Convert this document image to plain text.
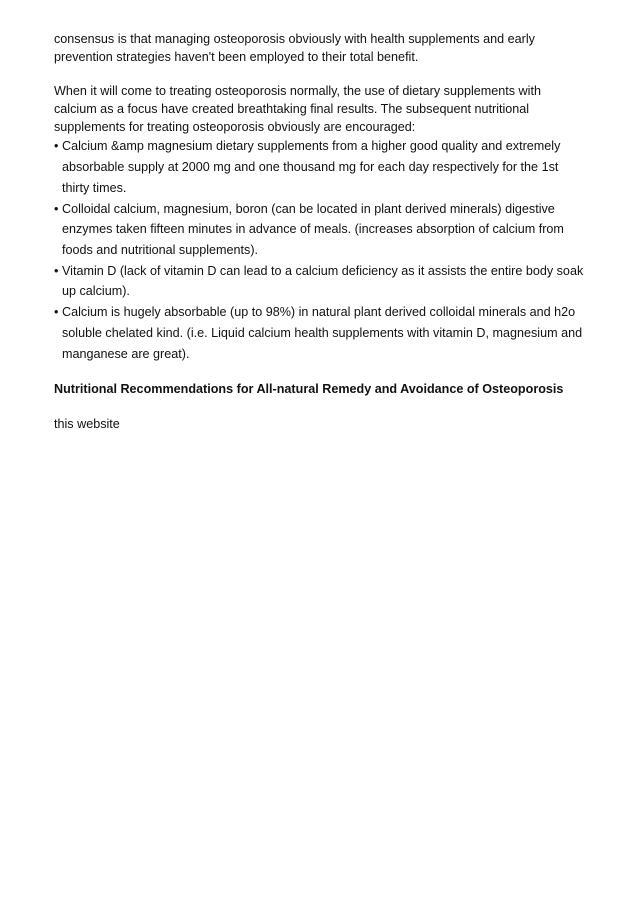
consensus is that managing osteoporosis obviously with health supplements and early prevention strategies haven't been employed to their total benefit.

When it will come to treating osteoporosis normally, the use of dietary supplements with calcium as a focus have created breathtaking final results. The subsequent nutritional supplements for treating osteoporosis obviously are encouraged:

• Calcium &amp magnesium dietary supplements from a higher good quality and extremely absorbable supply at 2000 mg and one thousand mg for each day respectively for the 1st thirty times.
• Colloidal calcium, magnesium, boron (can be located in plant derived minerals) digestive enzymes taken fifteen minutes in advance of meals. (increases absorption of calcium from foods and nutritional supplements).
• Vitamin D (lack of vitamin D can lead to a calcium deficiency as it assists the entire body soak up calcium).
• Calcium is hugely absorbable (up to 98%) in natural plant derived colloidal minerals and h2o soluble chelated kind. (i.e. Liquid calcium health supplements with vitamin D, magnesium and manganese are great).

Nutritional Recommendations for All-natural Remedy and Avoidance of Osteoporosis

this website
